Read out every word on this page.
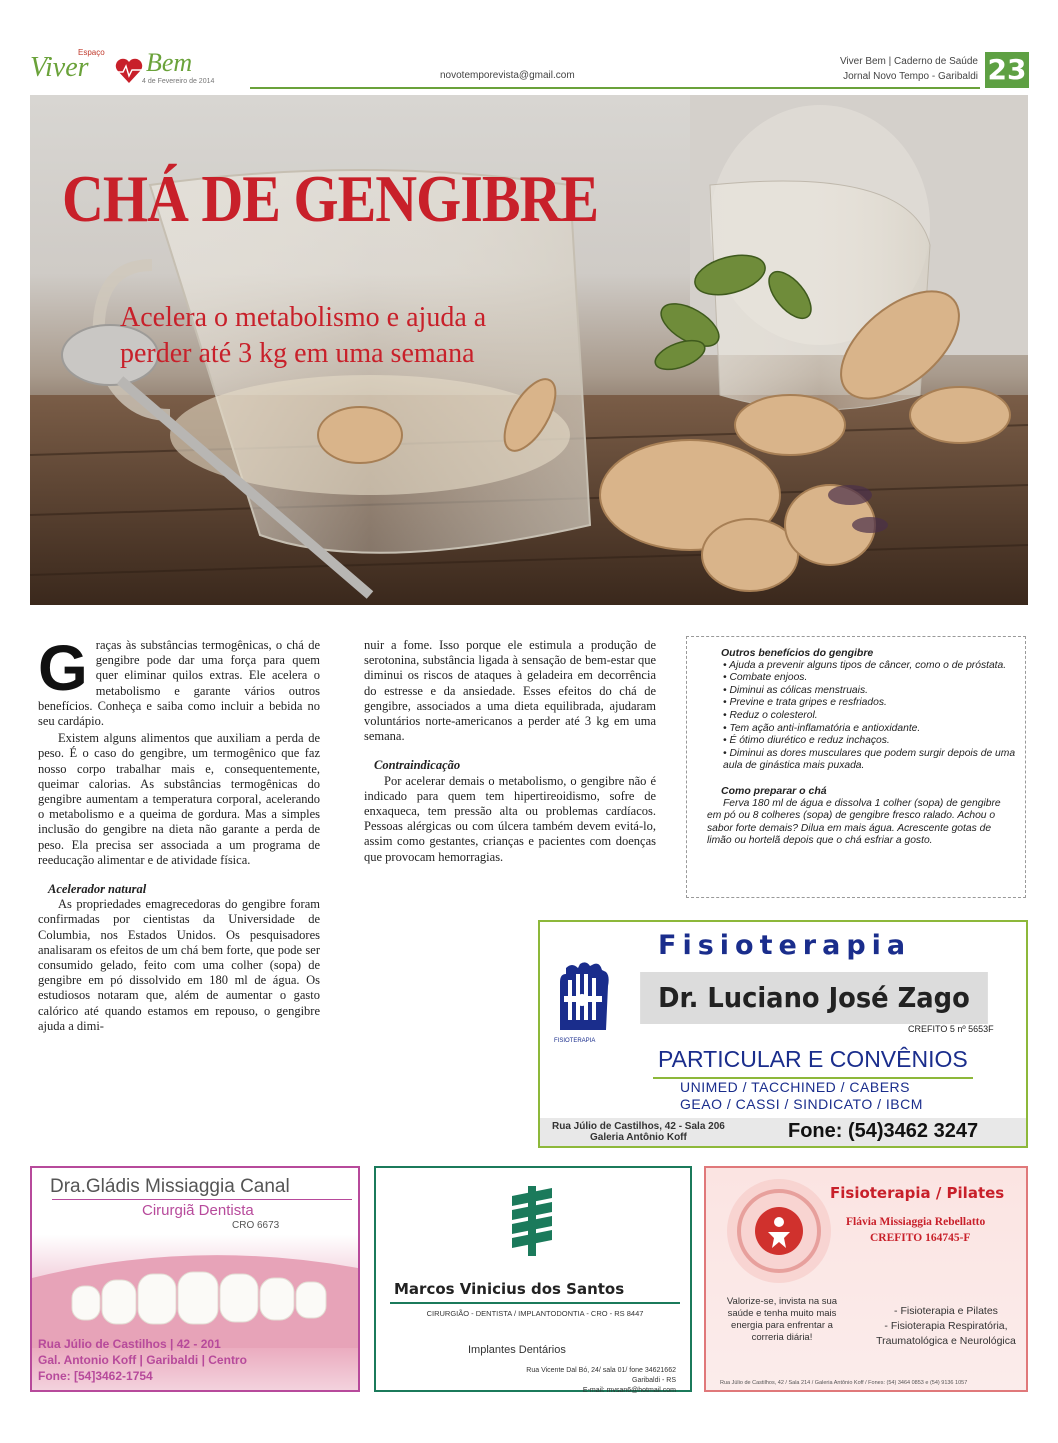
Espaço
Viver Bem
4 de Fevereiro de 2014
novotemporevista@gmail.com
Viver Bem | Caderno de Saúde
Jornal Novo Tempo - Garibaldi 23
CHÁ DE GENGIBRE
Acelera o metabolismo e ajuda a perder até 3 kg em uma semana
G raças às substâncias termogênicas, o chá de gengibre pode dar uma força para quem quer eliminar quilos extras. Ele acelera o metabolismo e garante vários outros benefícios. Conheça e saiba como incluir a bebida no seu cardápio.

Existem alguns alimentos que auxiliam a perda de peso. É o caso do gengibre, um termogênico que faz nosso corpo trabalhar mais e, consequentemente, queimar calorias. As substâncias termogênicas do gengibre aumentam a temperatura corporal, acelerando o metabolismo e a queima de gordura. Mas a simples inclusão do gengibre na dieta não garante a perda de peso. Ela precisa ser associada a um programa de reeducação alimentar e de atividade física.

Acelerador natural

As propriedades emagrecedoras do gengibre foram confirmadas por cientistas da Universidade de Columbia, nos Estados Unidos. Os pesquisadores analisaram os efeitos de um chá bem forte, que pode ser consumido gelado, feito com uma colher (sopa) de gengibre em pó dissolvido em 180 ml de água. Os estudiosos notaram que, além de aumentar o gasto calórico até quando estamos em repouso, o gengibre ajuda a dimi-

nuir a fome. Isso porque ele estimula a produção de serotonina, substância ligada à sensação de bem-estar que diminui os riscos de ataques à geladeira em decorrência do estresse e da ansiedade. Esses efeitos do chá de gengibre, associados a uma dieta equilibrada, ajudaram voluntários norte-americanos a perder até 3 kg em uma semana.

Contraindicação

Por acelerar demais o metabolismo, o gengibre não é indicado para quem tem hipertireoidismo, sofre de enxaqueca, tem pressão alta ou problemas cardíacos. Pessoas alérgicas ou com úlcera também devem evitá-lo, assim como gestantes, crianças e pacientes com doenças que provocam hemorragias.

Outros benefícios do gengibre
• Ajuda a prevenir alguns tipos de câncer, como o de próstata.
• Combate enjoos.
• Diminui as cólicas menstruais.
• Previne e trata gripes e resfriados.
• Reduz o colesterol.
• Tem ação anti-inflamatória e antioxidante.
• É ótimo diurético e reduz inchaços.
• Diminui as dores musculares que podem surgir depois de uma aula de ginástica mais puxada.
Como preparar o chá
Ferva 180 ml de água e dissolva 1 colher (sopa) de gengibre em pó ou 8 colheres (sopa) de gengibre fresco ralado. Achou o sabor forte demais? Dilua em mais água. Acrescente gotas de limão ou hortelã depois que o chá esfriar a gosto.
FISIOTERAPIA
Fisioterapia
Dr. Luciano José Zago
CREFITO 5 nº 5653F
PARTICULAR E CONVÊNIOS
UNIMED / TACCHINED / CABERS
GEAO / CASSI / SINDICATO / IBCM
Rua Júlio de Castilhos, 42 - Sala 206
Galeria Antônio Koff	Fone: (54)3462 3247
Dra.Gládis Missiaggia Canal
Cirurgiã Dentista
CRO 6673
Rua Júlio de Castilhos | 42 - 201
Gal. Antonio Koff | Garibaldi | Centro
Fone: [54]3462-1754
Marcos Vinicius dos Santos
CIRURGIÃO - DENTISTA / IMPLANTODONTIA - CRO - RS 8447
Implantes Dentários
Rua Vicente Dal Bó, 24/ sala 01/ fone 34621662
Garibaldi - RS
E-mail: mvsan6@hotmail.com
Fisioterapia / Pilates
Flávia Missiaggia Rebellatto
CREFITO 164745-F
Valorize-se, invista na sua saúde e tenha muito mais energia para enfrentar a correria diária!
- Fisioterapia e Pilates
- Fisioterapia Respiratória, Traumatológica e Neurológica
Rua Júlio de Castilhos, 42 / Sala 214 / Galeria Antônio Koff / Fones: (54) 3464 0853 e (54) 9136 1057
